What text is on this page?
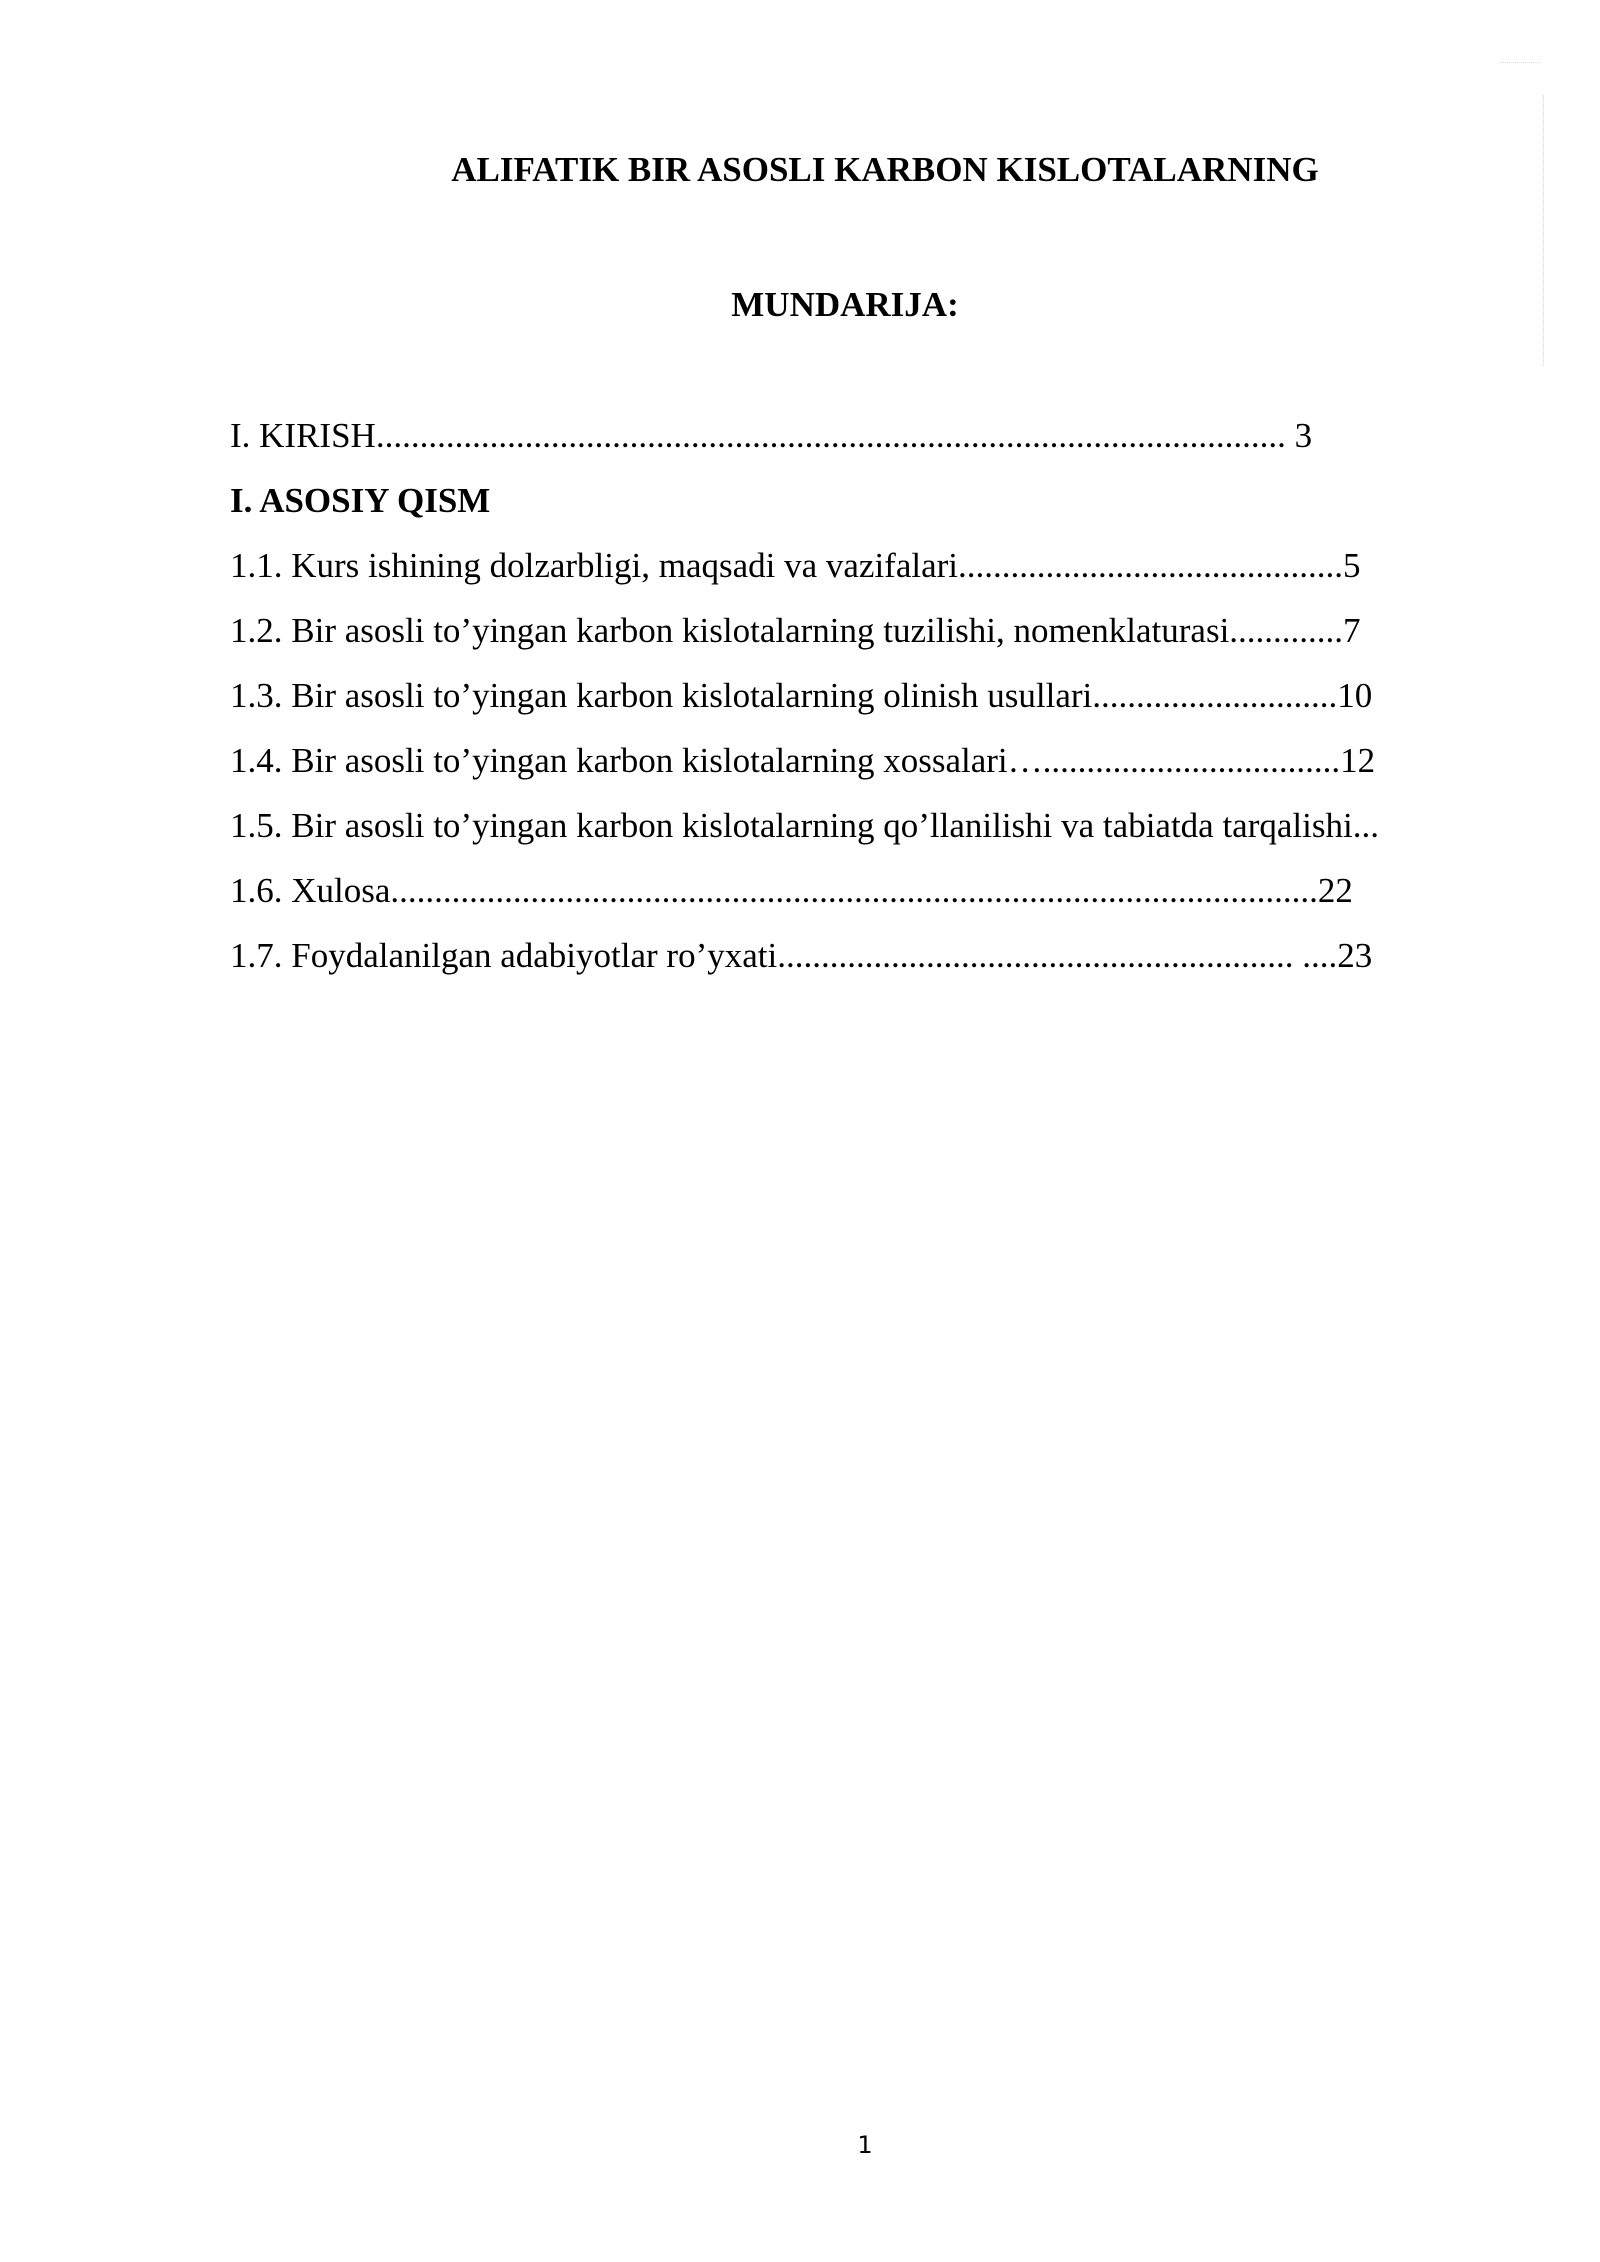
ALIFATIK BIR ASOSLI KARBON KISLOTALARNING
MUNDARIJA:
I. KIRISH........................................................................................................ 3
I. ASOSIY QISM
1.1. Kurs ishining dolzarbligi, maqsadi va vazifalari............................................5
1.2. Bir asosli to’yingan karbon kislotalarning tuzilishi, nomenklaturasi.............7
1.3. Bir asosli to’yingan karbon kislotalarning olinish usullari............................10
1.4. Bir asosli to’yingan karbon kislotalarning xossalari…..................................12
1.5. Bir asosli to’yingan karbon kislotalarning qo’llanilishi va tabiatda tarqalishi...
1.6. Xulosa..........................................................................................................22
1.7. Foydalanilgan adabiyotlar ro’yxati........................................................... ....23
1
